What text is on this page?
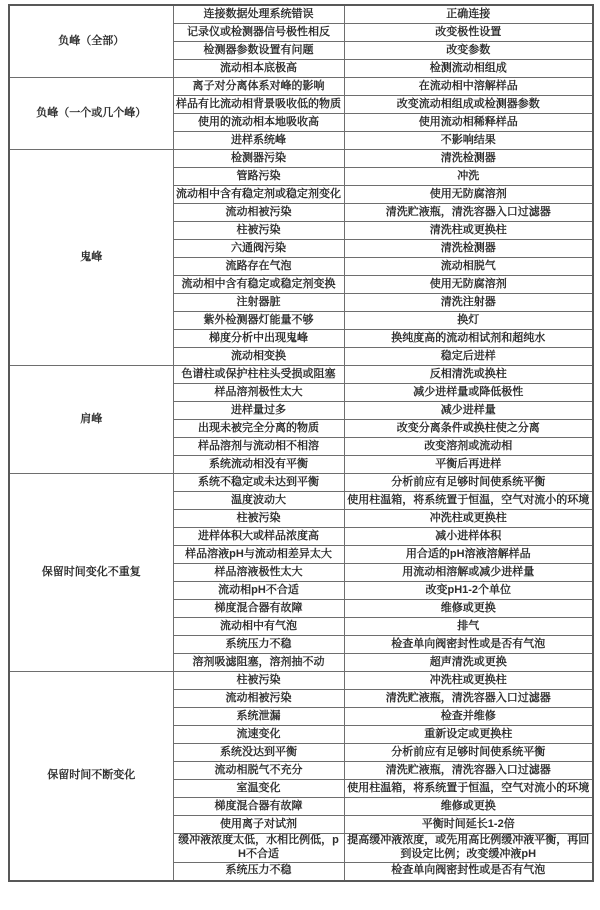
负峰（全部）	连接数据处理系统错误	正确连接
	记录仪或检测器信号极性相反	改变极性设置
	检测器参数设置有问题	改变参数
	流动相本底极高	检测流动相组成
负峰（一个或几个峰）	离子对分离体系对峰的影响	在流动相中溶解样品
	样品有比流动相背景吸收低的物质	改变流动相组成或检测器参数
	使用的流动相本地吸收高	使用流动相稀释样品
	进样系统峰	不影响结果
鬼峰	检测器污染	清洗检测器
	管路污染	冲洗
	流动相中含有稳定剂或稳定剂变化	使用无防腐溶剂
	流动相被污染	清洗贮液瓶，清洗容器入口过滤器
	柱被污染	清洗柱或更换柱
	六通阀污染	清洗检测器
	流路存在气泡	流动相脱气
	流动相中含有稳定或稳定剂变换	使用无防腐溶剂
	注射器脏	清洗注射器
	紫外检测器灯能量不够	换灯
	梯度分析中出现鬼峰	换纯度高的流动相试剂和超纯水
	流动相变换	稳定后进样
肩峰	色谱柱或保护柱柱头受损或阻塞	反相清洗或换柱
	样品溶剂极性太大	减少进样量或降低极性
	进样量过多	减少进样量
	出现未被完全分离的物质	改变分离条件或换柱使之分离
	样品溶剂与流动相不相溶	改变溶剂或流动相
	系统流动相没有平衡	平衡后再进样
保留时间变化不重复	系统不稳定或未达到平衡	分析前应有足够时间使系统平衡
	温度波动大	使用柱温箱，将系统置于恒温，空气对流小的环境
	柱被污染	冲洗柱或更换柱
	进样体积大或样品浓度高	减小进样体积
	样品溶液pH与流动相差异太大	用合适的pH溶液溶解样品
	样品溶液极性太大	用流动相溶解或减少进样量
	流动相pH不合适	改变pH1-2个单位
	梯度混合器有故障	维修或更换
	流动相中有气泡	排气
	系统压力不稳	检查单向阀密封性或是否有气泡
	溶剂吸滤阻塞，溶剂抽不动	超声清洗或更换
保留时间不断变化	柱被污染	冲洗柱或更换柱
	流动相被污染	清洗贮液瓶，清洗容器入口过滤器
	系统泄漏	检查并维修
	流速变化	重新设定或更换柱
	系统没达到平衡	分析前应有足够时间使系统平衡
	流动相脱气不充分	清洗贮液瓶，清洗容器入口过滤器
	室温变化	使用柱温箱，将系统置于恒温，空气对流小的环境
	梯度混合器有故障	维修或更换
	使用离子对试剂	平衡时间延长1-2倍
	缓冲液浓度太低，水相比例低，pH不合适	提高缓冲液浓度，或先用高比例缓冲液平衡，再回到设定比例；改变缓冲液pH
	系统压力不稳	检查单向阀密封性或是否有气泡
